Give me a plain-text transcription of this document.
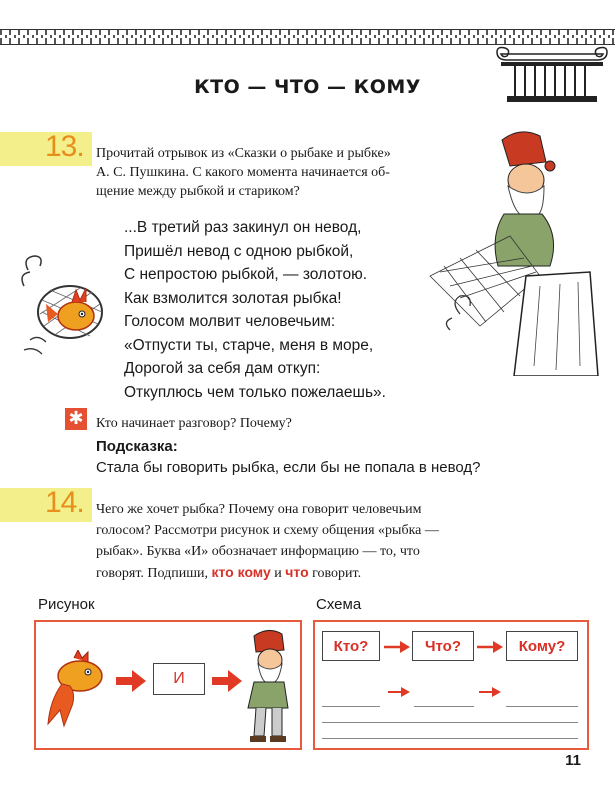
КТО — ЧТО — КОМУ
13. Прочитай отрывок из «Сказки о рыбаке и рыбке»
А. С. Пушкина. С какого момента начинается об-
щение между рыбкой и стариком?
...В третий раз закинул он невод,
Пришёл невод с одною рыбкой,
С непростою рыбкой, — золотою.
Как взмолится золотая рыбка!
Голосом молвит человечьим:
«Отпусти ты, старче, меня в море,
Дорогой за себя дам откуп:
Откуплюсь чем только пожелаешь».
✱ Кто начинает разговор? Почему?
Подсказка:
Стала бы говорить рыбка, если бы не попала в невод?
14. Чего же хочет рыбка? Почему она говорит человечьим
голосом? Рассмотри рисунок и схему общения «рыбка —
рыбак». Буква «И» обозначает информацию — то, что
говорят. Подпиши, кто кому и что говорит.
Рисунок	Схема
И
Кто?	Что?	Кому?
11
